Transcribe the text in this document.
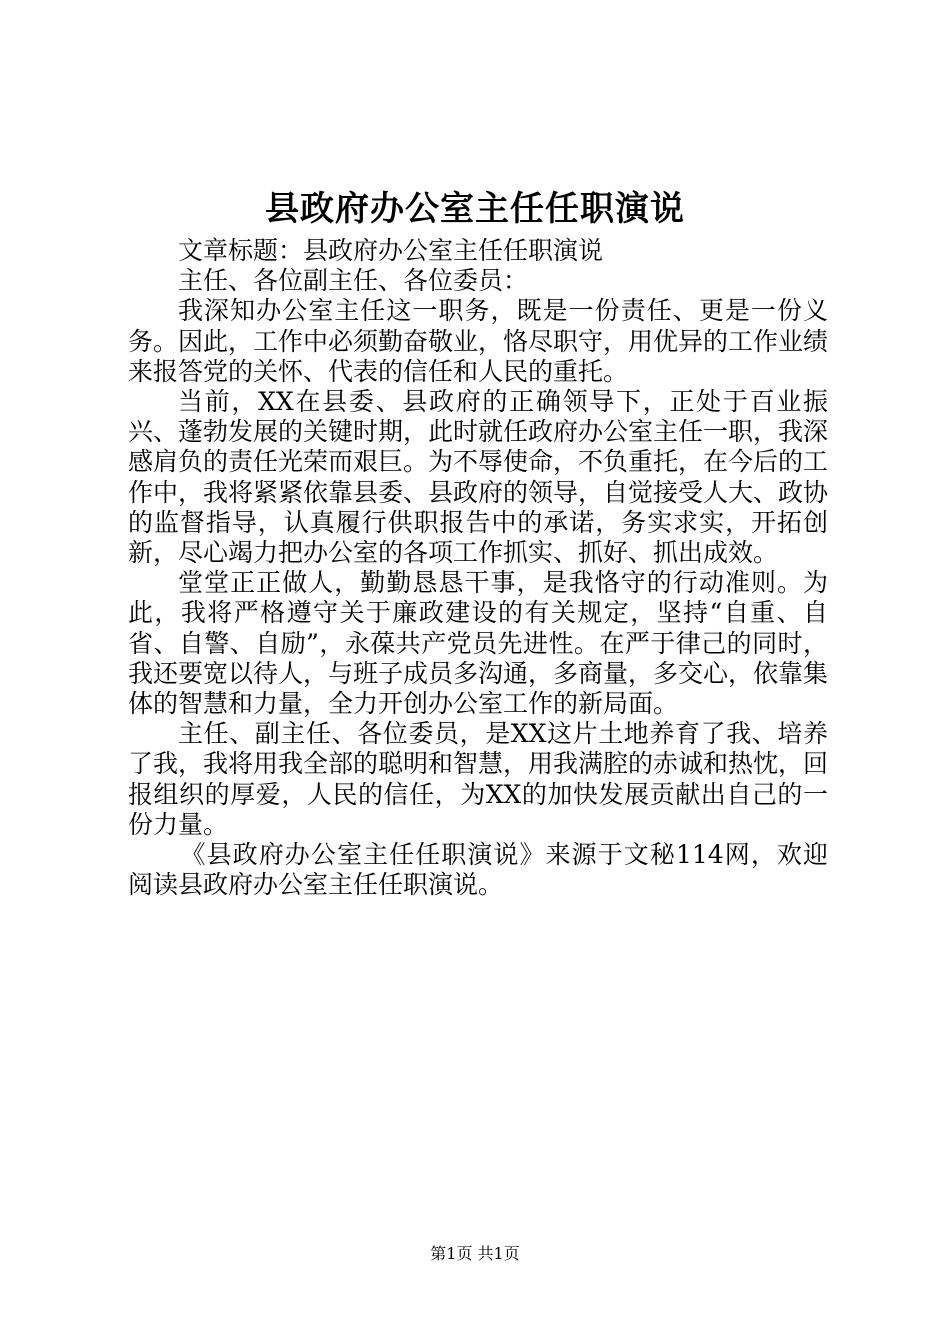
县政府办公室主任任职演说

文章标题：县政府办公室主任任职演说

主任、各位副主任、各位委员：

我深知办公室主任这一职务，既是一份责任、更是一份义务。因此，工作中必须勤奋敬业，恪尽职守，用优异的工作业绩来报答党的关怀、代表的信任和人民的重托。

当前，XX在县委、县政府的正确领导下，正处于百业振兴、蓬勃发展的关键时期，此时就任政府办公室主任一职，我深感肩负的责任光荣而艰巨。为不辱使命，不负重托，在今后的工作中，我将紧紧依靠县委、县政府的领导，自觉接受人大、政协的监督指导，认真履行供职报告中的承诺，务实求实，开拓创新，尽心竭力把办公室的各项工作抓实、抓好、抓出成效。

堂堂正正做人，勤勤恳恳干事，是我恪守的行动准则。为此，我将严格遵守关于廉政建设的有关规定，坚持“自重、自省、自警、自励”，永葆共产党员先进性。在严于律己的同时，我还要宽以待人，与班子成员多沟通，多商量，多交心，依靠集体的智慧和力量，全力开创办公室工作的新局面。

主任、副主任、各位委员，是XX这片土地养育了我、培养了我，我将用我全部的聪明和智慧，用我满腔的赤诚和热忱，回报组织的厚爱，人民的信任，为XX的加快发展贡献出自己的一份力量。

《县政府办公室主任任职演说》来源于文秘114网，欢迎阅读县政府办公室主任任职演说。

第1页 共1页
